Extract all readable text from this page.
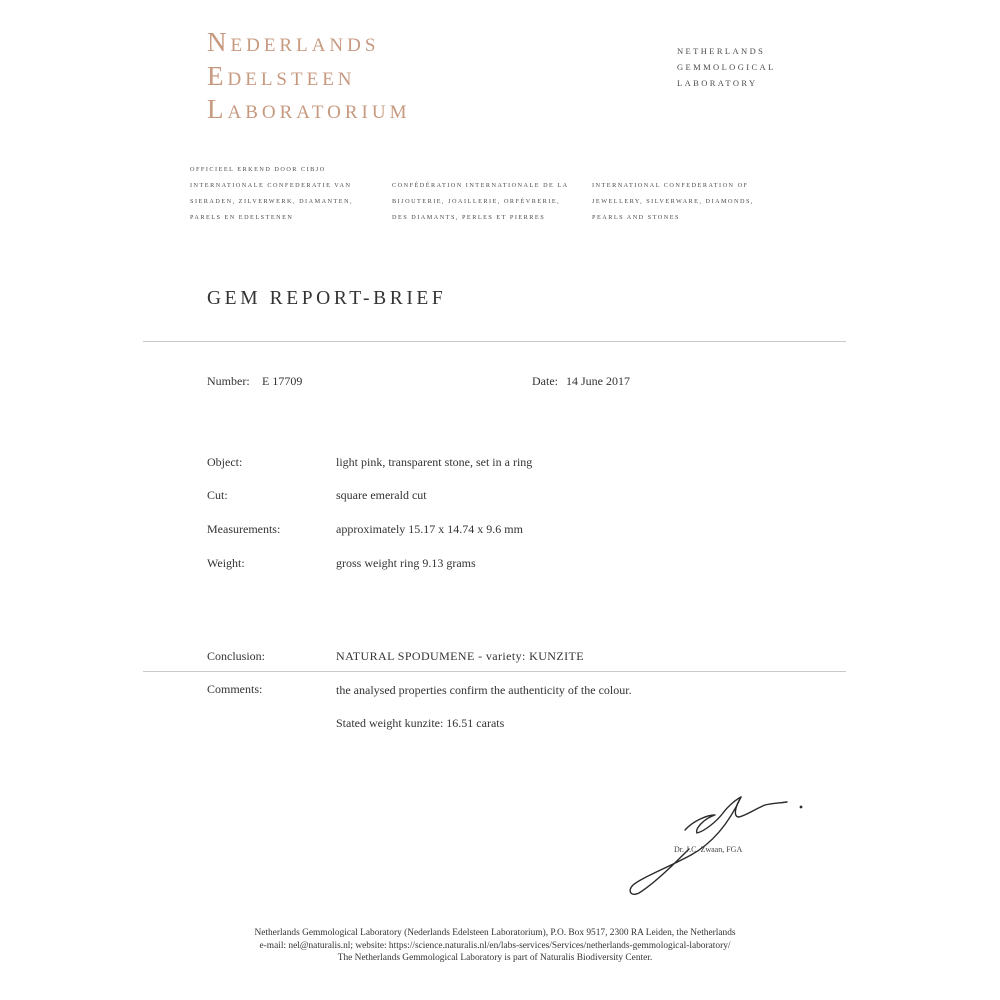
Nederlands
Edelsteen
Laboratorium
NETHERLANDS
GEMMOLOGICAL
LABORATORY
OFFICIEEL ERKEND DOOR CIBJO
INTERNATIONALE CONFEDERATIE VAN
SIERADEN, ZILVERWERK, DIAMANTEN,
PARELS EN EDELSTENEN
CONFÉDÉRATION INTERNATIONALE DE LA
BIJOUTERIE, JOAILLERIE, ORFÈVRERIE,
DES DIAMANTS, PERLES ET PIERRES
INTERNATIONAL CONFEDERATION OF
JEWELLERY, SILVERWARE, DIAMONDS,
PEARLS AND STONES
GEM REPORT-BRIEF
Number: E 17709	Date: 14 June 2017
Object:	light pink, transparent stone, set in a ring
Cut:	square emerald cut
Measurements:	approximately 15.17 x 14.74 x 9.6 mm
Weight:	gross weight ring 9.13 grams
Conclusion:	NATURAL SPODUMENE - variety: KUNZITE
Comments:	the analysed properties confirm the authenticity of the colour.
Stated weight kunzite: 16.51 carats
Dr. J.C. Zwaan, FGA
Netherlands Gemmological Laboratory (Nederlands Edelsteen Laboratorium), P.O. Box 9517, 2300 RA Leiden, the Netherlands
e-mail: nel@naturalis.nl; website: https://science.naturalis.nl/en/labs-services/Services/netherlands-gemmological-laboratory/
The Netherlands Gemmological Laboratory is part of Naturalis Biodiversity Center.
